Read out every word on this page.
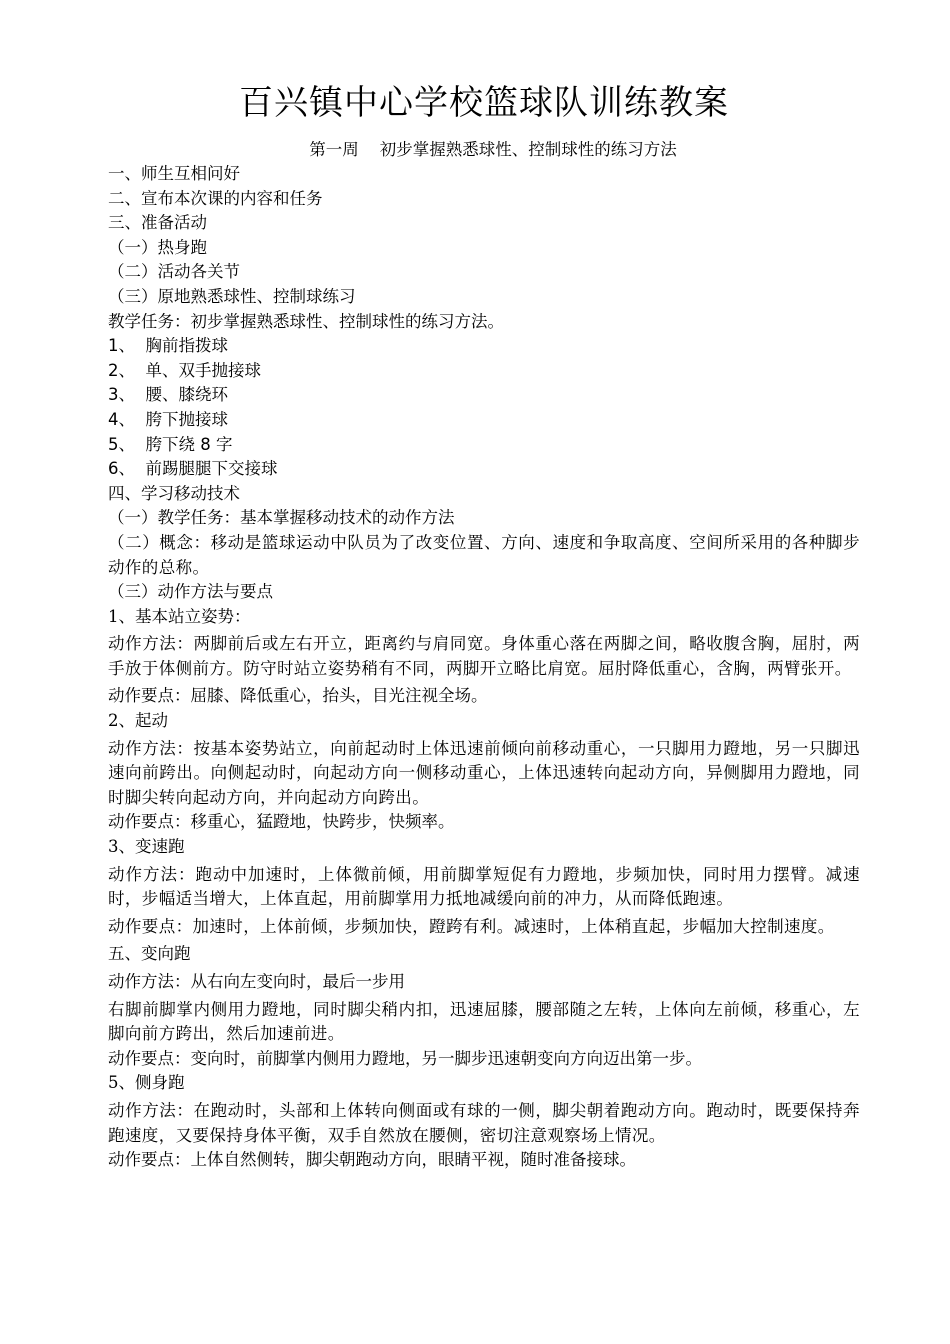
百兴镇中心学校篮球队训练教案
第一周    初步掌握熟悉球性、控制球性的练习方法

一、师生互相问好

二、宣布本次课的内容和任务

三、准备活动

（一）热身跑

（二）活动各关节

（三）原地熟悉球性、控制球练习

教学任务：初步掌握熟悉球性、控制球性的练习方法。

1、  胸前指拨球

2、  单、双手抛接球

3、  腰、膝绕环

4、  胯下抛接球

5、  胯下绕 8 字

6、  前踢腿腿下交接球

四、学习移动技术

（一）教学任务：基本掌握移动技术的动作方法

（二）概念：移动是篮球运动中队员为了改变位置、方向、速度和争取高度、空间所采用的各种脚步动作的总称。

（三）动作方法与要点

1、基本站立姿势：

动作方法：两脚前后或左右开立，距离约与肩同宽。身体重心落在两脚之间，略收腹含胸，屈肘，两手放于体侧前方。防守时站立姿势稍有不同，两脚开立略比肩宽。屈肘降低重心，含胸，两臂张开。

动作要点：屈膝、降低重心，抬头，目光注视全场。

2、起动

动作方法：按基本姿势站立，向前起动时上体迅速前倾向前移动重心，一只脚用力蹬地，另一只脚迅速向前跨出。向侧起动时，向起动方向一侧移动重心，上体迅速转向起动方向，异侧脚用力蹬地，同时脚尖转向起动方向，并向起动方向跨出。

动作要点：移重心，猛蹬地，快跨步，快频率。

3、变速跑

动作方法：跑动中加速时，上体微前倾，用前脚掌短促有力蹬地，步频加快，同时用力摆臂。减速时，步幅适当增大，上体直起，用前脚掌用力抵地减缓向前的冲力，从而降低跑速。

动作要点：加速时，上体前倾，步频加快，蹬跨有利。减速时，上体稍直起，步幅加大控制速度。

五、变向跑

动作方法：从右向左变向时，最后一步用

右脚前脚掌内侧用力蹬地，同时脚尖稍内扣，迅速屈膝，腰部随之左转，上体向左前倾，移重心，左脚向前方跨出，然后加速前进。

动作要点：变向时，前脚掌内侧用力蹬地，另一脚步迅速朝变向方向迈出第一步。

5、侧身跑

动作方法：在跑动时，头部和上体转向侧面或有球的一侧，脚尖朝着跑动方向。跑动时，既要保持奔跑速度，又要保持身体平衡，双手自然放在腰侧，密切注意观察场上情况。

动作要点：上体自然侧转，脚尖朝跑动方向，眼睛平视，随时准备接球。
